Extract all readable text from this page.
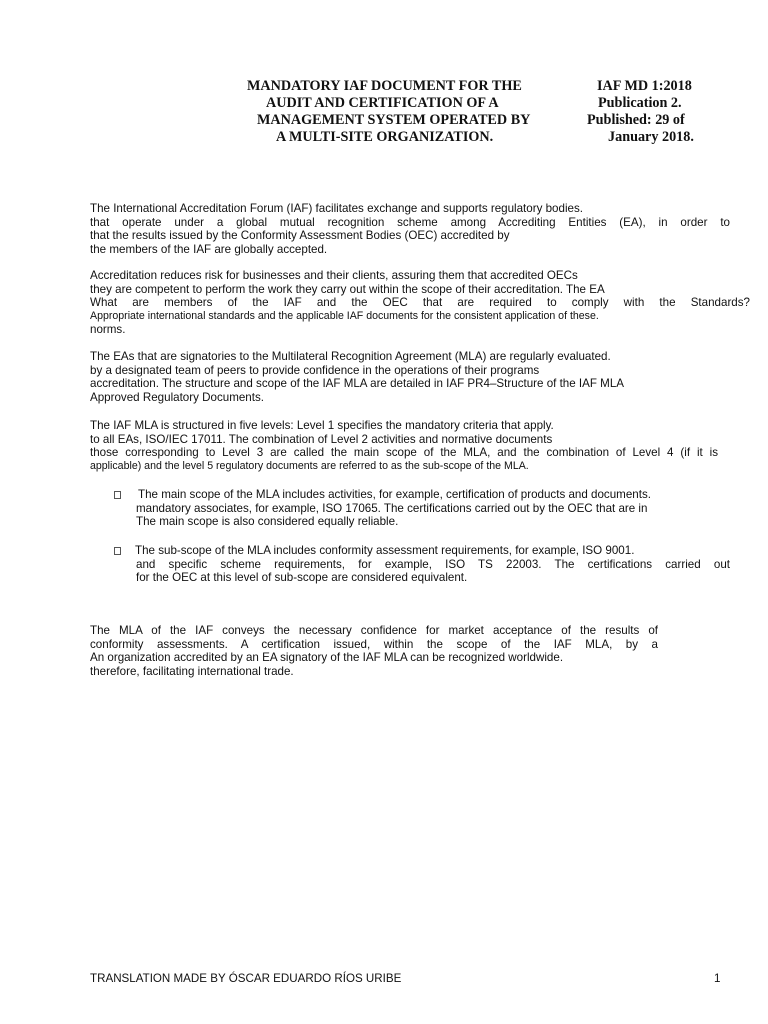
MANDATORY IAF DOCUMENT FOR THE
AUDIT AND CERTIFICATION OF A
MANAGEMENT SYSTEM OPERATED BY
A MULTI-SITE ORGANIZATION.
IAF MD 1:2018
Publication 2.
Published: 29 of
January 2018.
The International Accreditation Forum (IAF) facilitates exchange and supports regulatory bodies.
that operate under a global mutual recognition scheme among Accrediting Entities (EA), in order to
that the results issued by the Conformity Assessment Bodies (OEC) accredited by
the members of the IAF are globally accepted.
Accreditation reduces risk for businesses and their clients, assuring them that accredited OECs
they are competent to perform the work they carry out within the scope of their accreditation. The EA
What are members of the IAF and the OEC that are required to comply with the Standards?
Appropriate international standards and the applicable IAF documents for the consistent application of these.
norms.
The EAs that are signatories to the Multilateral Recognition Agreement (MLA) are regularly evaluated.
by a designated team of peers to provide confidence in the operations of their programs
accreditation. The structure and scope of the IAF MLA are detailed in IAF PR4–Structure of the IAF MLA
Approved Regulatory Documents.
The IAF MLA is structured in five levels: Level 1 specifies the mandatory criteria that apply.
to all EAs, ISO/IEC 17011. The combination of Level 2 activities and normative documents
those corresponding to Level 3 are called the main scope of the MLA, and the combination of Level 4 (if it is
applicable) and the level 5 regulatory documents are referred to as the sub-scope of the MLA.
The main scope of the MLA includes activities, for example, certification of products and documents.
mandatory associates, for example, ISO 17065. The certifications carried out by the OEC that are in
The main scope is also considered equally reliable.
The sub-scope of the MLA includes conformity assessment requirements, for example, ISO 9001.
and specific scheme requirements, for example, ISO TS 22003. The certifications carried out
for the OEC at this level of sub-scope are considered equivalent.
The MLA of the IAF conveys the necessary confidence for market acceptance of the results of
conformity assessments. A certification issued, within the scope of the IAF MLA, by a
An organization accredited by an EA signatory of the IAF MLA can be recognized worldwide.
therefore, facilitating international trade.
TRANSLATION MADE BY ÓSCAR EDUARDO RÍOS URIBE	1
